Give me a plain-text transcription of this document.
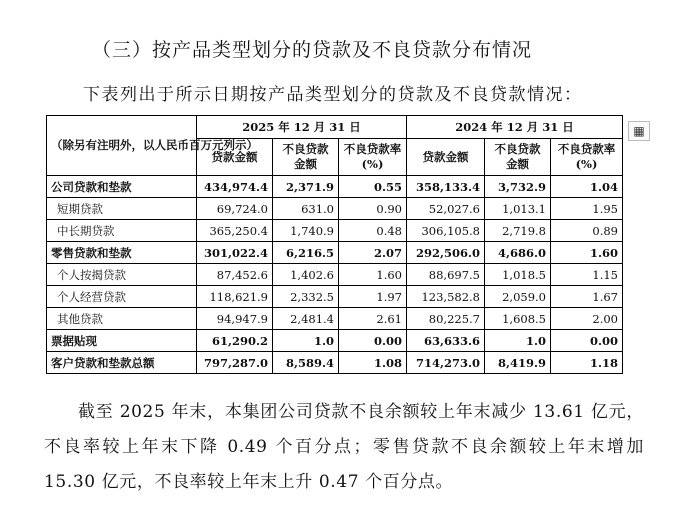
（三）按产品类型划分的贷款及不良贷款分布情况
下表列出于所示日期按产品类型划分的贷款及不良贷款情况：
▦
（除另有注明外，以人民币百万元列示）	2025 年 12 月 31 日			2024 年 12 月 31 日		
	贷款金额	不良贷款金额	不良贷款率(%)	贷款金额	不良贷款金额	不良贷款率(%)
公司贷款和垫款	434,974.4	2,371.9	0.55	358,133.4	3,732.9	1.04
短期贷款	69,724.0	631.0	0.90	52,027.6	1,013.1	1.95
中长期贷款	365,250.4	1,740.9	0.48	306,105.8	2,719.8	0.89
零售贷款和垫款	301,022.4	6,216.5	2.07	292,506.0	4,686.0	1.60
个人按揭贷款	87,452.6	1,402.6	1.60	88,697.5	1,018.5	1.15
个人经营贷款	118,621.9	2,332.5	1.97	123,582.8	2,059.0	1.67
其他贷款	94,947.9	2,481.4	2.61	80,225.7	1,608.5	2.00
票据贴现	61,290.2	1.0	0.00	63,633.6	1.0	0.00
客户贷款和垫款总额	797,287.0	8,589.4	1.08	714,273.0	8,419.9	1.18

截至 2025 年末，本集团公司贷款不良余额较上年末减少 13.61 亿元，不良率较上年末下降 0.49 个百分点；零售贷款不良余额较上年末增加 15.30 亿元，不良率较上年末上升 0.47 个百分点。
